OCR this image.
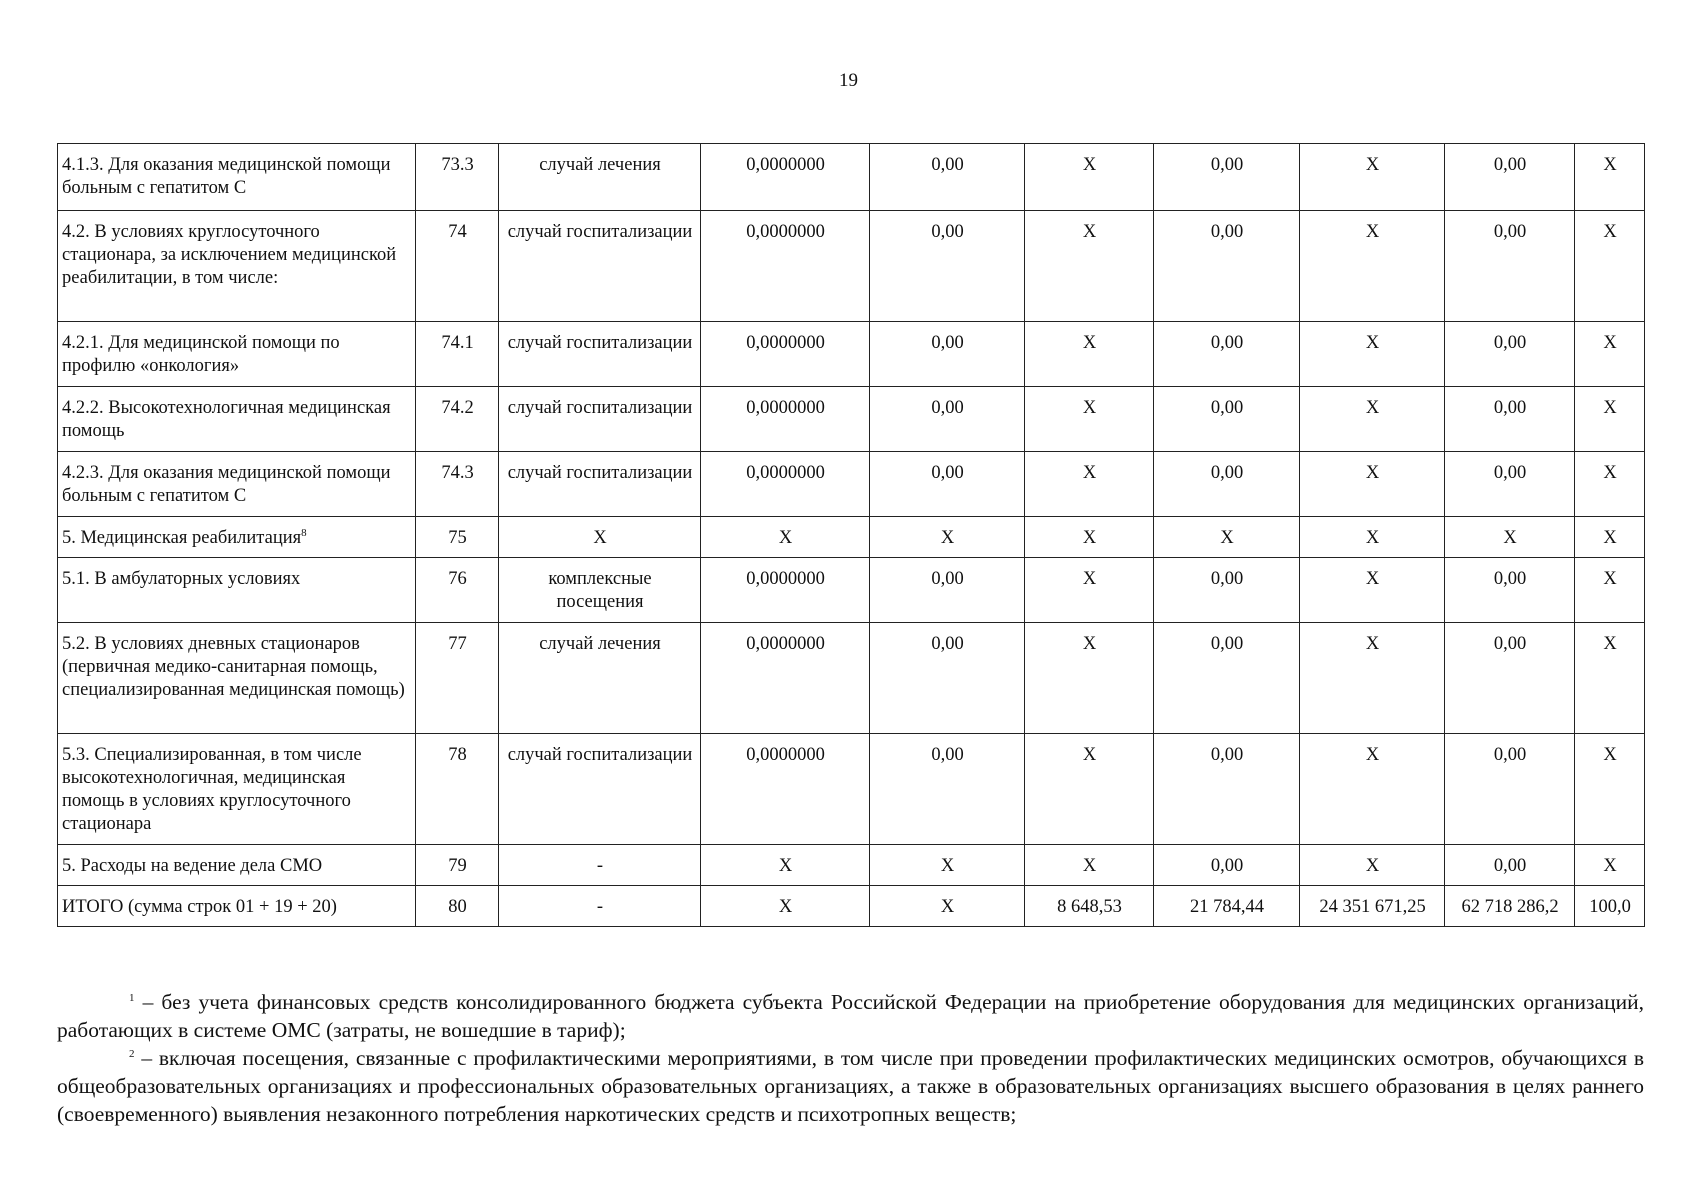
19
4.1.3. Для оказания медицинской помощи больным с гепатитом С	73.3	случай лечения	0,0000000	0,00	X	0,00	X	0,00	X
4.2. В условиях круглосуточного стационара, за исключением медицинской реабилитации, в том числе:	74	случай госпитализации	0,0000000	0,00	X	0,00	X	0,00	X
4.2.1. Для медицинской помощи по профилю «онкология»	74.1	случай госпитализации	0,0000000	0,00	X	0,00	X	0,00	X
4.2.2. Высокотехнологичная медицинская помощь	74.2	случай госпитализации	0,0000000	0,00	X	0,00	X	0,00	X
4.2.3. Для оказания медицинской помощи больным с гепатитом С	74.3	случай госпитализации	0,0000000	0,00	X	0,00	X	0,00	X
5. Медицинская реабилитация$^8$	75	X	X	X	X	X	X	X	X
5.1. В амбулаторных условиях	76	комплексные посещения	0,0000000	0,00	X	0,00	X	0,00	X
5.2. В условиях дневных стационаров (первичная медико-санитарная помощь, специализированная медицинская помощь)	77	случай лечения	0,0000000	0,00	X	0,00	X	0,00	X
5.3. Специализированная, в том числе высокотехнологичная, медицинская помощь в условиях круглосуточного стационара	78	случай госпитализации	0,0000000	0,00	X	0,00	X	0,00	X
5. Расходы на ведение дела СМО	79	-	X	X	X	0,00	X	0,00	X
ИТОГО (сумма строк 01 + 19 + 20)	80	-	X	X	8 648,53	21 784,44	24 351 671,25	62 718 286,2	100,0

$^1$ – без учета финансовых средств консолидированного бюджета субъекта Российской Федерации на приобретение оборудования для медицинских организаций, работающих в системе ОМС (затраты, не вошедшие в тариф);

$^2$ – включая посещения, связанные с профилактическими мероприятиями, в том числе при проведении профилактических медицинских осмотров, обучающихся в общеобразовательных организациях и профессиональных образовательных организациях, а также в образовательных организациях высшего образования в целях раннего (своевременного) выявления незаконного потребления наркотических средств и психотропных веществ;
